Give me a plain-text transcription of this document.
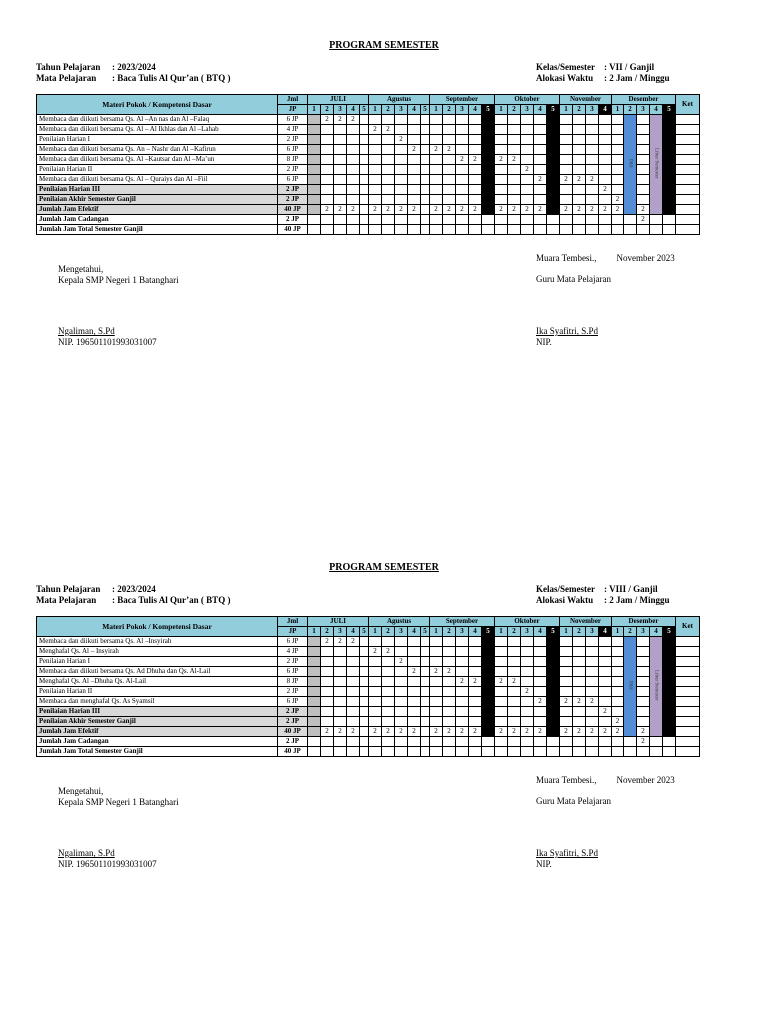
PROGRAM SEMESTER
Tahun Pelajaran : 2023/2024
Mata Pelajaran : Baca Tulis Al Qur’an ( BTQ )
Kelas/Semester : VII / Ganjil
Alokasi Waktu : 2 Jam / Minggu
Materi Pokok / Kompetensi Dasar	Jml	JULI					Agustus					September					Oktober					November				Desember					Ket
	JP	1	2	3	4	5	1	2	3	4	5	1	2	3	4	5	1	2	3	4	5	1	2	3	4	1	2	3	4	5	
Membaca dan diikuti bersama Qs. Al –An nas dan Al –Falaq	6 JP		2	2	2																						PAS		Libur Semester		
Membaca dan diikuti bersama Qs. Al – Al Ikhlas dan Al –Lahab	4 JP						2	2																							
Penilaian Harian I	2 JP								2																						
Membaca dan diikuti bersama Qs. An – Nashr dan Al –Kafirun	6 JP									2		2	2																		
Membaca dan diikuti bersama Qs. Al –Kautsar dan Al –Ma’un	8 JP													2	2		2	2													
Penilaian Harian II	2 JP																		2												
Membaca dan diikuti bersama Qs. Al – Quraiys dan Al –Fiil	6 JP																			2		2	2	2							
Penilaian Harian III	2 JP																								2						
Penilaian Akhir Semester Ganjil	2 JP																									2					
Jumlah Jam Efektif	40 JP		2	2	2		2	2	2	2		2	2	2	2		2	2	2	2		2	2	2	2	2		2			
Jumlah Jam Cadangan	2 JP																											2			
Jumlah Jam Total Semester Ganjil	40 JP																														
Muara Tembesi., November 2023
Mengetahui,
Kepala SMP Negeri 1 Batanghari	Guru Mata Pelajaran
Ngaliman, S.Pd
NIP. 196501101993031007
Ika Syafitri, S.Pd
NIP.
PROGRAM SEMESTER
Tahun Pelajaran : 2023/2024
Mata Pelajaran : Baca Tulis Al Qur’an ( BTQ )
Kelas/Semester : VIII / Ganjil
Alokasi Waktu : 2 Jam / Minggu
Materi Pokok / Kompetensi Dasar	Jml	JULI					Agustus					September					Oktober					November				Desember					Ket
	JP	1	2	3	4	5	1	2	3	4	5	1	2	3	4	5	1	2	3	4	5	1	2	3	4	1	2	3	4	5	
Membaca dan diikuti bersama Qs. Al –Insyirah	6 JP		2	2	2																						PAS		Libur Semester		
Menghafal Qs. Al – Insyirah	4 JP						2	2																							
Penilaian Harian I	2 JP								2																						
Membaca dan diikuti bersama Qs. Ad Dhuha dan Qs. Al-Lail	6 JP									2		2	2																		
Menghafal Qs. Al –Dhuha Qs. Al-Lail	8 JP													2	2		2	2													
Penilaian Harian II	2 JP																		2												
Membaca dan menghafal Qs. As Syamsil	6 JP																			2		2	2	2							
Penilaian Harian III	2 JP																								2						
Penilaian Akhir Semester Ganjil	2 JP																									2					
Jumlah Jam Efektif	40 JP		2	2	2		2	2	2	2		2	2	2	2		2	2	2	2		2	2	2	2	2		2			
Jumlah Jam Cadangan	2 JP																											2			
Jumlah Jam Total Semester Ganjil	40 JP																														
Muara Tembesi., November 2023
Mengetahui,
Kepala SMP Negeri 1 Batanghari	Guru Mata Pelajaran
Ngaliman, S.Pd
NIP. 196501101993031007
Ika Syafitri, S.Pd
NIP.
